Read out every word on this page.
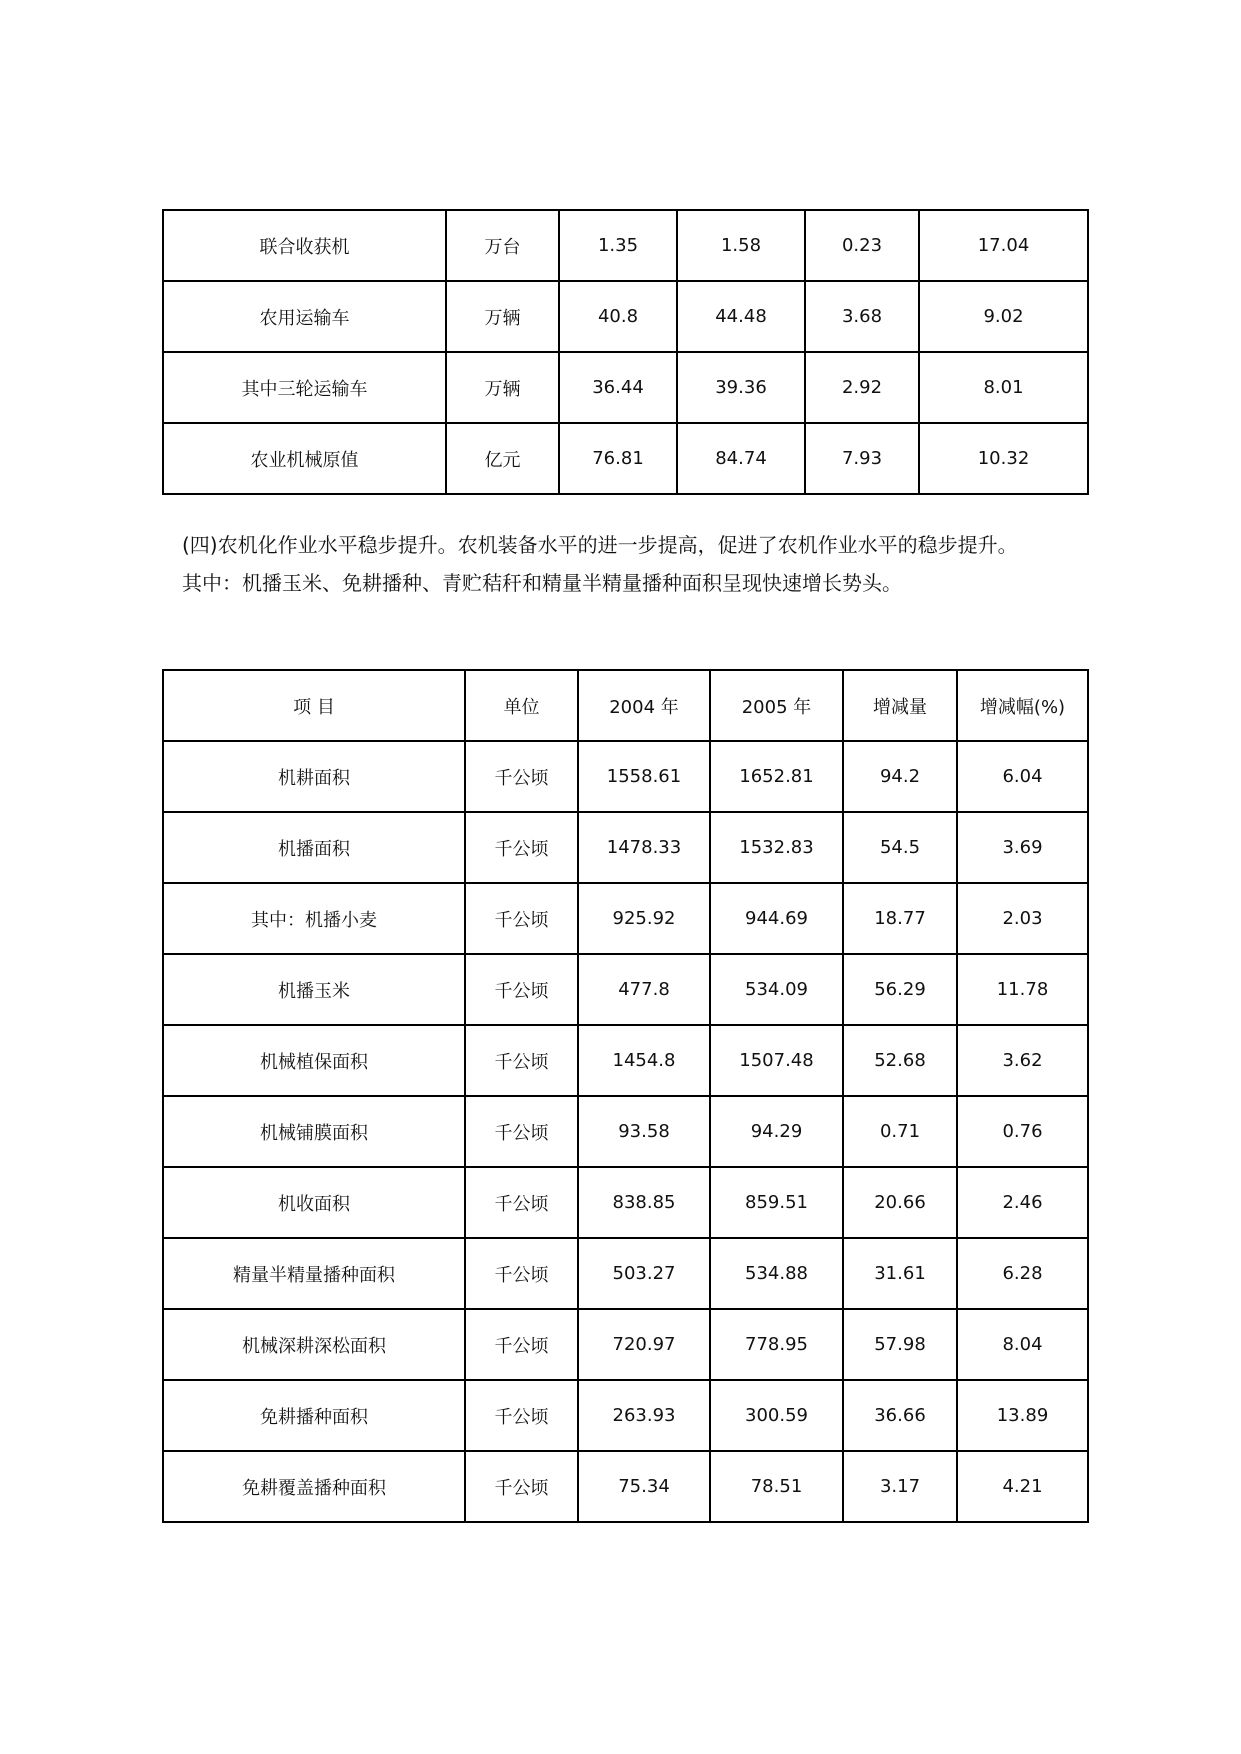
联合收获机	万台	1.35	1.58	0.23	17.04
农用运输车	万辆	40.8	44.48	3.68	9.02
其中三轮运输车	万辆	36.44	39.36	2.92	8.01
农业机械原值	亿元	76.81	84.74	7.93	10.32
(四)农机化作业水平稳步提升。农机装备水平的进一步提高，促进了农机作业水平的稳步提升。
其中：机播玉米、免耕播种、青贮秸秆和精量半精量播种面积呈现快速增长势头。
项 目	单位	2004 年	2005 年	增减量	增减幅(%)
机耕面积	千公顷	1558.61	1652.81	94.2	6.04
机播面积	千公顷	1478.33	1532.83	54.5	3.69
其中：机播小麦	千公顷	925.92	944.69	18.77	2.03
机播玉米	千公顷	477.8	534.09	56.29	11.78
机械植保面积	千公顷	1454.8	1507.48	52.68	3.62
机械铺膜面积	千公顷	93.58	94.29	0.71	0.76
机收面积	千公顷	838.85	859.51	20.66	2.46
精量半精量播种面积	千公顷	503.27	534.88	31.61	6.28
机械深耕深松面积	千公顷	720.97	778.95	57.98	8.04
免耕播种面积	千公顷	263.93	300.59	36.66	13.89
免耕覆盖播种面积	千公顷	75.34	78.51	3.17	4.21
